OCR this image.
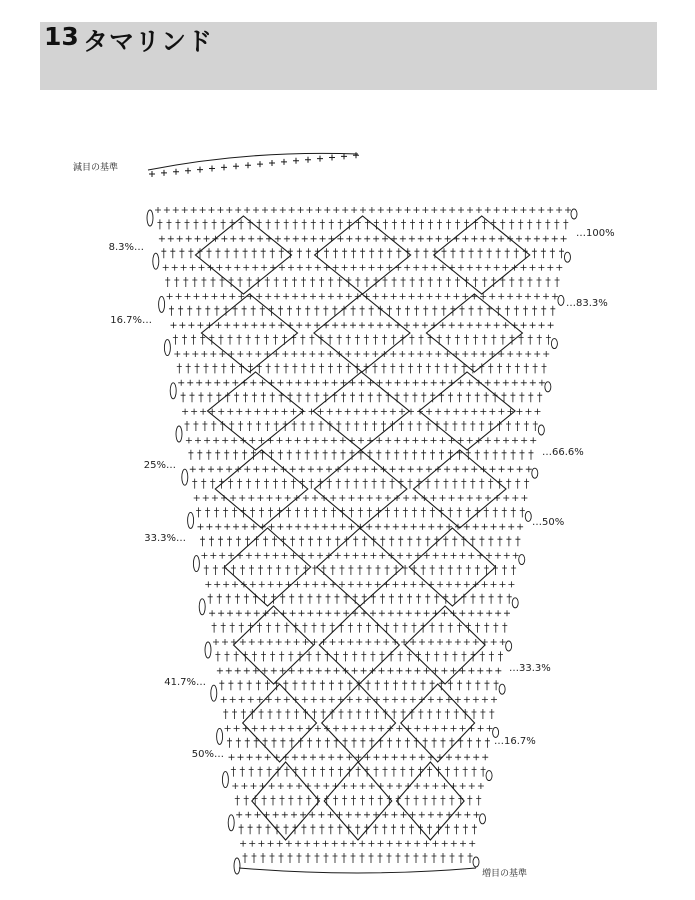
13 タマリンド
減目の基準
増目の基準
8.3%…
16.7%…
25%…
33.3%…
41.7%…
50%…
…100%
…83.3%
…66.6%
…50%
…33.3%
…16.7%
